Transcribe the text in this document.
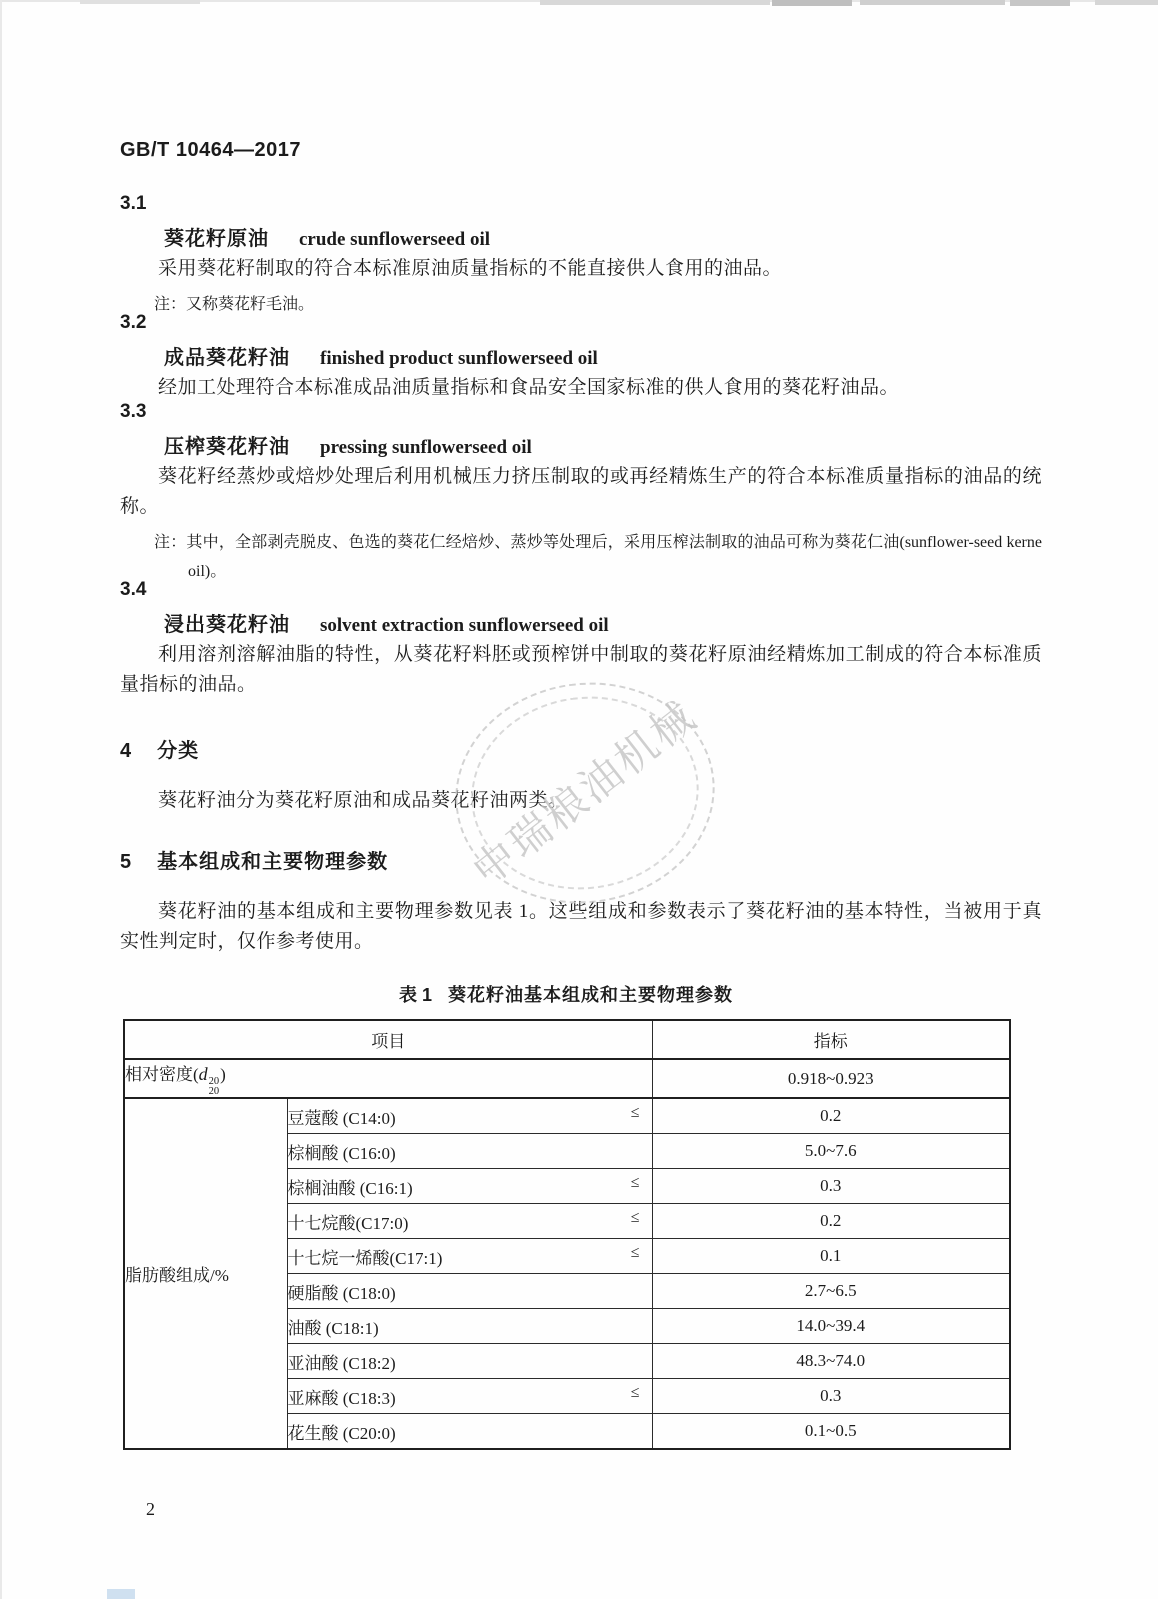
中瑞粮油机械
GB/T 10464—2017
3.1
葵花籽原油 crude sunflowerseed oil

采用葵花籽制取的符合本标准原油质量指标的不能直接供人食用的油品。

注：又称葵花籽毛油。

3.2
成品葵花籽油 finished product sunflowerseed oil

经加工处理符合本标准成品油质量指标和食品安全国家标准的供人食用的葵花籽油品。

3.3
压榨葵花籽油 pressing sunflowerseed oil

葵花籽经蒸炒或焙炒处理后利用机械压力挤压制取的或再经精炼生产的符合本标准质量指标的油品的统称。

注：其中，全部剥壳脱皮、色选的葵花仁经焙炒、蒸炒等处理后，采用压榨法制取的油品可称为葵花仁油(sunflower-seed kerne oil)。

3.4
浸出葵花籽油 solvent extraction sunflowerseed oil

利用溶剂溶解油脂的特性，从葵花籽料胚或预榨饼中制取的葵花籽原油经精炼加工制成的符合本标准质量指标的油品。

4 分类

葵花籽油分为葵花籽原油和成品葵花籽油两类。

5 基本组成和主要物理参数

葵花籽油的基本组成和主要物理参数见表 1。这些组成和参数表示了葵花籽油的基本特性，当被用于真实性判定时，仅作参考使用。

表 1 葵花籽油基本组成和主要物理参数
项目		指标
相对密度(d 20
20
)		0.918~0.923
脂肪酸组成/%	豆蔻酸 (C14:0) ≤	0.2
	棕榈酸 (C16:0)	5.0~7.6
	棕榈油酸 (C16:1) ≤	0.3
	十七烷酸(C17:0) ≤	0.2
	十七烷一烯酸(C17:1) ≤	0.1
	硬脂酸 (C18:0)	2.7~6.5
	油酸 (C18:1)	14.0~39.4
	亚油酸 (C18:2)	48.3~74.0
	亚麻酸 (C18:3) ≤	0.3
	花生酸 (C20:0)	0.1~0.5
2
